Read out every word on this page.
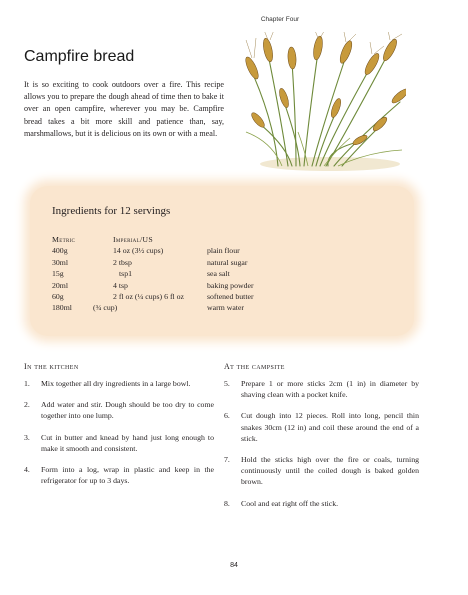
Chapter Four
Campfire bread

It is so exciting to cook outdoors over a fire. This recipe allows you to prepare the dough ahead of time then to bake it over an open campfire, wherever you may be. Campfire bread takes a bit more skill and patience than, say, marshmallows, but it is delicious on its own or with a meal.

Ingredients for 12 servings
Metric
400g
30ml
15g
20ml
60g
180ml
Imperial/US
14 oz (3½ cups)
2 tbsp
tsp1
4 tsp
2 fl oz (¼ cups) 6 fl oz
(¾ cup)

plain flour
natural sugar
sea salt
baking powder
softened butter
warm water
In the kitchen	At the campsite
1. Mix together all dry ingredients in a large bowl.
2. Add water and stir. Dough should be too dry to come together into one lump.
3. Cut in butter and knead by hand just long enough to make it smooth and consistent.
4. Form into a log, wrap in plastic and keep in the refrigerator for up to 3 days.
5. Prepare 1 or more sticks 2cm (1 in) in diameter by shaving clean with a pocket knife.
6. Cut dough into 12 pieces. Roll into long, pencil thin snakes 30cm (12 in) and coil these around the end of a stick.
7. Hold the sticks high over the fire or coals, turning continuously until the coiled dough is baked golden brown.
8. Cool and eat right off the stick.
84
